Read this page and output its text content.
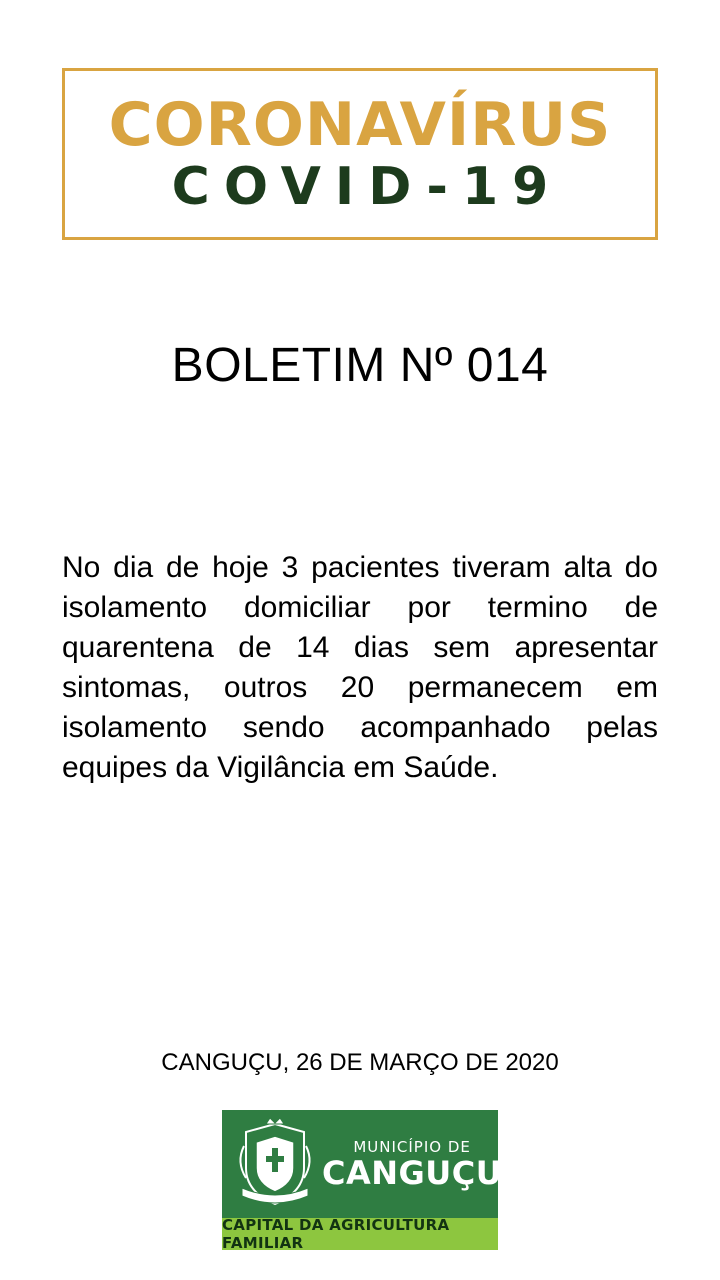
CORONAVÍRUS
COVID-19
BOLETIM Nº 014
No dia de hoje 3 pacientes tiveram alta do isolamento domiciliar por termino de quarentena de 14 dias sem apresentar sintomas, outros 20 permanecem em isolamento sendo acompanhado pelas equipes da Vigilância em Saúde.
CANGUÇU, 26 DE MARÇO DE 2020
MUNICÍPIO DE
CANGUÇU
CAPITAL DA AGRICULTURA FAMILIAR
